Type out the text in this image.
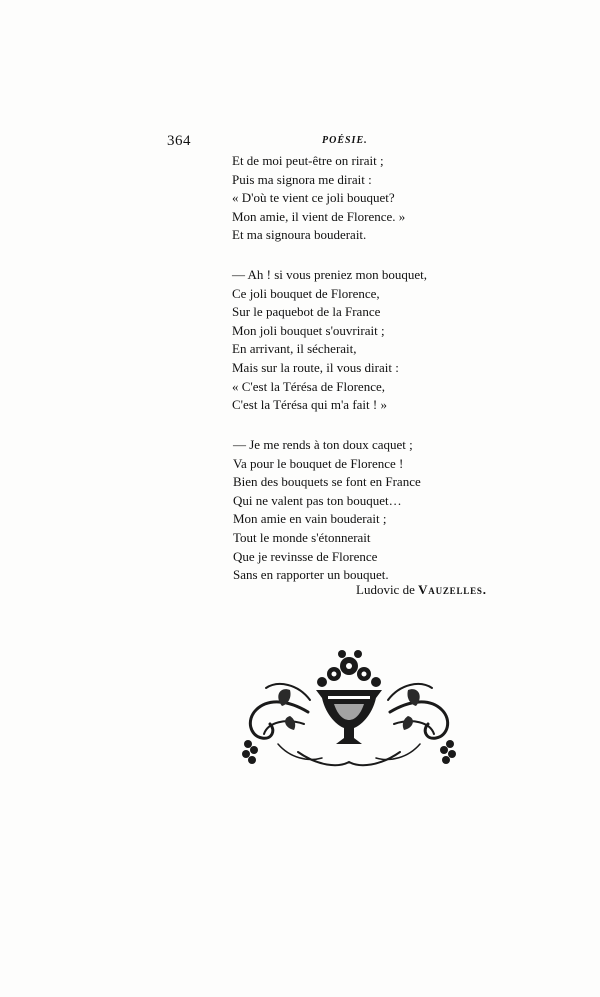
364	POÉSIE.
Et de moi peut-être on rirait ;
Puis ma signora me dirait :
« D'où te vient ce joli bouquet?
Mon amie, il vient de Florence. »
Et ma signoura bouderait.
— Ah ! si vous preniez mon bouquet,
Ce joli bouquet de Florence,
Sur le paquebot de la France
Mon joli bouquet s'ouvrirait ;
En arrivant, il sécherait,
Mais sur la route, il vous dirait :
« C'est la Térésa de Florence,
C'est la Térésa qui m'a fait ! »
— Je me rends à ton doux caquet ;
Va pour le bouquet de Florence !
Bien des bouquets se font en France
Qui ne valent pas ton bouquet…
Mon amie en vain bouderait ;
Tout le monde s'étonnerait
Que je revinsse de Florence
Sans en rapporter un bouquet.
Ludovic de Vauzelles.
